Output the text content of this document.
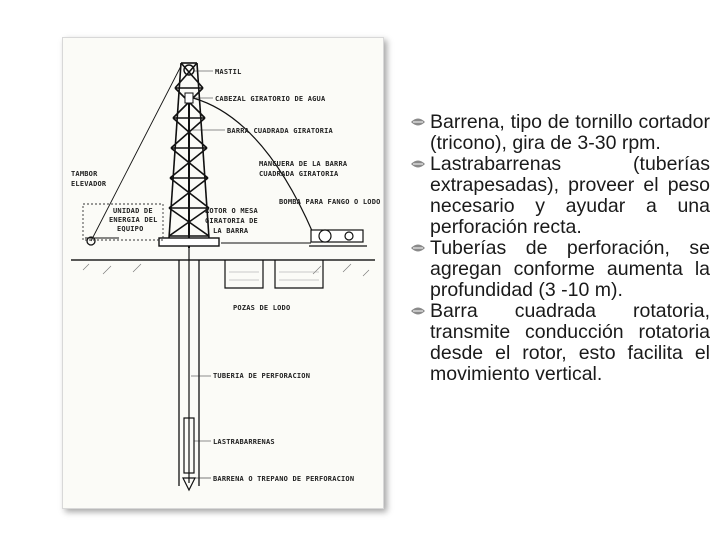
MASTIL
CABEZAL GIRATORIO DE AGUA
BARRA CUADRADA GIRATORIA
TAMBOR
ELEVADOR
MANGUERA DE LA BARRA
CUADRADA GIRATORIA
UNIDAD DE
ENERGIA DEL
EQUIPO
ROTOR O MESA
GIRATORIA DE
LA BARRA
BOMBA PARA FANGO O LODO
POZAS DE LODO
TUBERIA DE PERFORACION
LASTRABARRENAS
BARRENA O TREPANO DE PERFORACION
Barrena, tipo de tornillo cortador (tricono), gira de 3-30 rpm.
Lastrabarrenas (tuberías extrapesadas), proveer el peso necesario y ayudar a una perforación recta.
Tuberías de perforación, se agregan conforme aumenta la profundidad (3 -10 m).
Barra cuadrada rotatoria, transmite conducción rotatoria desde el rotor, esto facilita el movimiento vertical.
